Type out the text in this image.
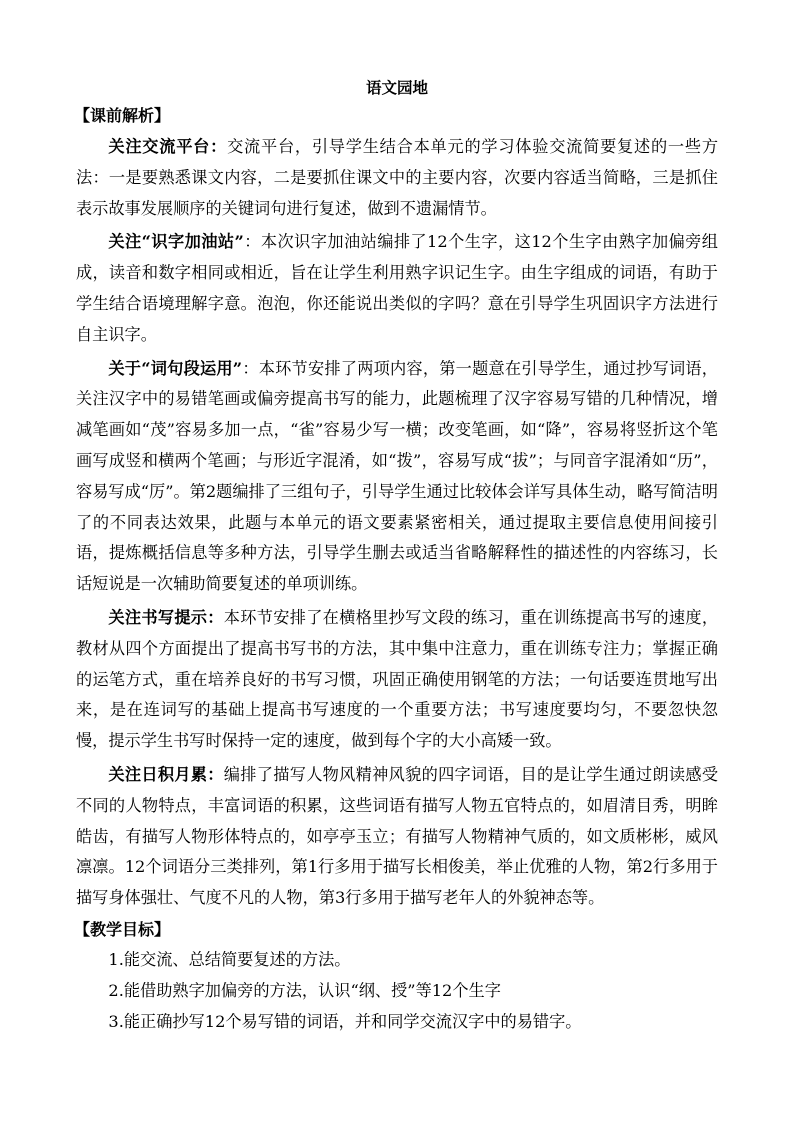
语文园地
【课前解析】

关注交流平台：交流平台，引导学生结合本单元的学习体验交流简要复述的一些方法：一是要熟悉课文内容，二是要抓住课文中的主要内容，次要内容适当简略，三是抓住表示故事发展顺序的关键词句进行复述，做到不遗漏情节。

关注“识字加油站”：本次识字加油站编排了12个生字，这12个生字由熟字加偏旁组成，读音和数字相同或相近，旨在让学生利用熟字识记生字。由生字组成的词语，有助于学生结合语境理解字意。泡泡，你还能说出类似的字吗？意在引导学生巩固识字方法进行自主识字。

关于“词句段运用”：本环节安排了两项内容，第一题意在引导学生，通过抄写词语，关注汉字中的易错笔画或偏旁提高书写的能力，此题梳理了汉字容易写错的几种情况，增减笔画如“茂”容易多加一点，“雀”容易少写一横；改变笔画，如“降”，容易将竖折这个笔画写成竖和横两个笔画；与形近字混淆，如“拨”，容易写成“拔”；与同音字混淆如“历”，容易写成“厉”。第2题编排了三组句子，引导学生通过比较体会详写具体生动，略写简洁明了的不同表达效果，此题与本单元的语文要素紧密相关，通过提取主要信息使用间接引语，提炼概括信息等多种方法，引导学生删去或适当省略解释性的描述性的内容练习，长话短说是一次辅助简要复述的单项训练。

关注书写提示：本环节安排了在横格里抄写文段的练习，重在训练提高书写的速度，教材从四个方面提出了提高书写书的方法，其中集中注意力，重在训练专注力；掌握正确的运笔方式，重在培养良好的书写习惯，巩固正确使用钢笔的方法；一句话要连贯地写出来，是在连词写的基础上提高书写速度的一个重要方法；书写速度要均匀，不要忽快忽慢，提示学生书写时保持一定的速度，做到每个字的大小高矮一致。

关注日积月累：编排了描写人物风精神风貌的四字词语，目的是让学生通过朗读感受不同的人物特点，丰富词语的积累，这些词语有描写人物五官特点的，如眉清目秀，明眸皓齿，有描写人物形体特点的，如亭亭玉立；有描写人物精神气质的，如文质彬彬，威风凛凛。12个词语分三类排列，第1行多用于描写长相俊美，举止优雅的人物，第2行多用于描写身体强壮、气度不凡的人物，第3行多用于描写老年人的外貌神态等。

【教学目标】

1.能交流、总结简要复述的方法。

2.能借助熟字加偏旁的方法，认识“纲、授”等12个生字

3.能正确抄写12个易写错的词语，并和同学交流汉字中的易错字。
